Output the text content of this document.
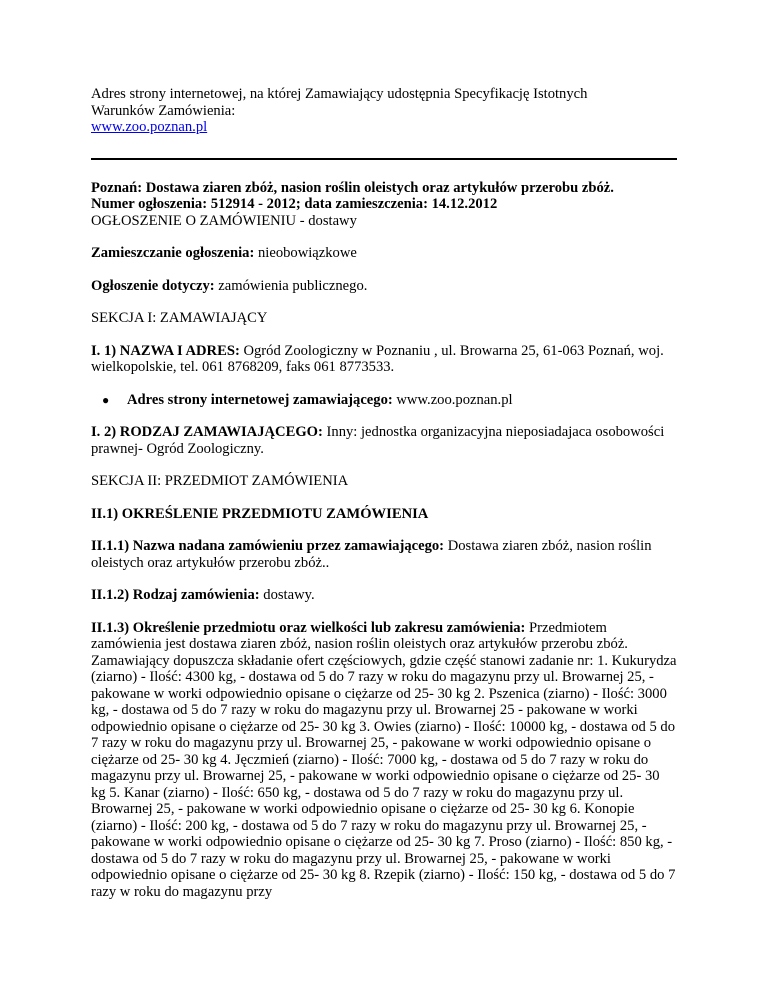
Adres strony internetowej, na której Zamawiający udostępnia Specyfikację Istotnych
Warunków Zamówienia:
www.zoo.poznan.pl

Poznań: Dostawa ziaren zbóż, nasion roślin oleistych oraz artykułów przerobu zbóż.
Numer ogłoszenia: 512914 - 2012; data zamieszczenia: 14.12.2012
OGŁOSZENIE O ZAMÓWIENIU - dostawy

Zamieszczanie ogłoszenia: nieobowiązkowe

Ogłoszenie dotyczy: zamówienia publicznego.

SEKCJA I: ZAMAWIAJĄCY

I. 1) NAZWA I ADRES: Ogród Zoologiczny w Poznaniu , ul. Browarna 25, 61-063 Poznań, woj. wielkopolskie, tel. 061 8768209, faks 061 8773533.

● Adres strony internetowej zamawiającego: www.zoo.poznan.pl

I. 2) RODZAJ ZAMAWIAJĄCEGO: Inny: jednostka organizacyjna nieposiadajaca osobowości prawnej- Ogród Zoologiczny.

SEKCJA II: PRZEDMIOT ZAMÓWIENIA

II.1) OKREŚLENIE PRZEDMIOTU ZAMÓWIENIA

II.1.1) Nazwa nadana zamówieniu przez zamawiającego: Dostawa ziaren zbóż, nasion roślin oleistych oraz artykułów przerobu zbóż..

II.1.2) Rodzaj zamówienia: dostawy.

II.1.3) Określenie przedmiotu oraz wielkości lub zakresu zamówienia: Przedmiotem zamówienia jest dostawa ziaren zbóż, nasion roślin oleistych oraz artykułów przerobu zbóż. Zamawiający dopuszcza składanie ofert częściowych, gdzie część stanowi zadanie nr: 1. Kukurydza (ziarno) - Ilość: 4300 kg, - dostawa od 5 do 7 razy w roku do magazynu przy ul. Browarnej 25, - pakowane w worki odpowiednio opisane o ciężarze od 25- 30 kg 2. Pszenica (ziarno) - Ilość: 3000 kg, - dostawa od 5 do 7 razy w roku do magazynu przy ul. Browarnej 25 - pakowane w worki odpowiednio opisane o ciężarze od 25- 30 kg 3. Owies (ziarno) - Ilość: 10000 kg, - dostawa od 5 do 7 razy w roku do magazynu przy ul. Browarnej 25, - pakowane w worki odpowiednio opisane o ciężarze od 25- 30 kg 4. Jęczmień (ziarno) - Ilość: 7000 kg, - dostawa od 5 do 7 razy w roku do magazynu przy ul. Browarnej 25, - pakowane w worki odpowiednio opisane o ciężarze od 25- 30 kg 5. Kanar (ziarno) - Ilość: 650 kg, - dostawa od 5 do 7 razy w roku do magazynu przy ul. Browarnej 25, - pakowane w worki odpowiednio opisane o ciężarze od 25- 30 kg 6. Konopie (ziarno) - Ilość: 200 kg, - dostawa od 5 do 7 razy w roku do magazynu przy ul. Browarnej 25, - pakowane w worki odpowiednio opisane o ciężarze od 25- 30 kg 7. Proso (ziarno) - Ilość: 850 kg, - dostawa od 5 do 7 razy w roku do magazynu przy ul. Browarnej 25, - pakowane w worki odpowiednio opisane o ciężarze od 25- 30 kg 8. Rzepik (ziarno) - Ilość: 150 kg, - dostawa od 5 do 7 razy w roku do magazynu przy
